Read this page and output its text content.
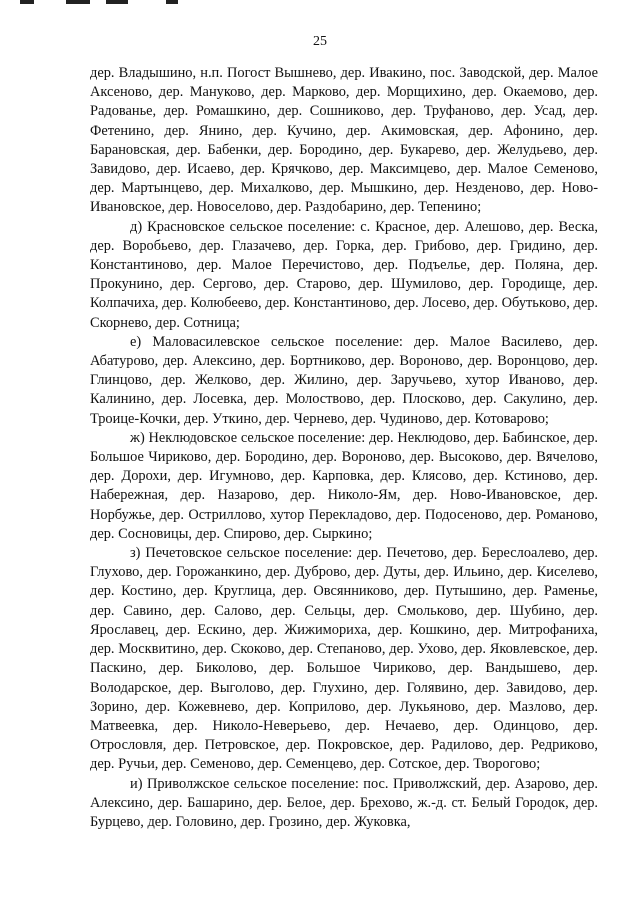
25

дер. Владышино, н.п. Погост Вышнево, дер. Ивакино, пос. Заводской, дер. Малое Аксеново, дер. Мануково, дер. Марково, дер. Морщихино, дер. Окаемово, дер. Радованье, дер. Ромашкино, дер. Сошниково, дер. Труфаново, дер. Усад, дер. Фетенино, дер. Янино, дер. Кучино, дер. Акимовская, дер. Афонино, дер. Барановская, дер. Бабенки, дер. Бородино, дер. Букарево, дер. Желудьево, дер. Завидово, дер. Исаево, дер. Крячково, дер. Максимцево, дер. Малое Семеново, дер. Мартынцево, дер. Михалково, дер. Мышкино, дер. Незденово, дер. Ново-Ивановское, дер. Новоселово, дер. Раздобарино, дер. Тепенино;

д) Красновское сельское поселение: с. Красное, дер. Алешово, дер. Веска, дер. Воробьево, дер. Глазачево, дер. Горка, дер. Грибово, дер. Гридино, дер. Константиново, дер. Малое Перечистово, дер. Подъелье, дер. Поляна, дер. Прокунино, дер. Сергово, дер. Старово, дер. Шумилово, дер. Городище, дер. Колпачиха, дер. Колюбеево, дер. Константиново, дер. Лосево, дер. Обутьково, дер. Скорнево, дер. Сотница;

е) Маловасилевское сельское поселение: дер. Малое Василево, дер. Абатурово, дер. Алексино, дер. Бортниково, дер. Вороново, дер. Воронцово, дер. Глинцово, дер. Желково, дер. Жилино, дер. Заручьево, хутор Иваново, дер. Калинино, дер. Лосевка, дер. Молоствово, дер. Плосково, дер. Сакулино, дер. Троице-Кочки, дер. Уткино, дер. Чернево, дер. Чудиново, дер. Котоварово;

ж) Неклюдовское сельское поселение: дер. Неклюдово, дер. Бабинское, дер. Большое Чириково, дер. Бородино, дер. Вороново, дер. Высоково, дер. Вячелово, дер. Дорохи, дер. Игумново, дер. Карповка, дер. Клясово, дер. Кстиново, дер. Набережная, дер. Назарово, дер. Николо-Ям, дер. Ново-Ивановское, дер. Норбужье, дер. Остриллово, хутор Перекладово, дер. Подосеново, дер. Романово, дер. Сосновицы, дер. Спирово, дер. Сыркино;

з) Печетовское сельское поселение: дер. Печетово, дер. Береслоалево, дер. Глухово, дер. Горожанкино, дер. Дуброво, дер. Дуты, дер. Ильино, дер. Киселево, дер. Костино, дер. Круглица, дер. Овсянниково, дер. Путышино, дер. Раменье, дер. Савино, дер. Салово, дер. Сельцы, дер. Смольково, дер. Шубино, дер. Ярославец, дер. Ескино, дер. Жижимориха, дер. Кошкино, дер. Митрофаниха, дер. Москвитино, дер. Скоково, дер. Степаново, дер. Ухово, дер. Яковлевское, дер. Паскино, дер. Биколово, дер. Большое Чириково, дер. Вандышево, дер. Володарское, дер. Выголово, дер. Глухино, дер. Голявино, дер. Завидово, дер. Зорино, дер. Кожевнево, дер. Коприлово, дер. Лукьяново, дер. Мазлово, дер. Матвеевка, дер. Николо-Неверьево, дер. Нечаево, дер. Одинцово, дер. Отрословля, дер. Петровское, дер. Покровское, дер. Радилово, дер. Редриково, дер. Ручьи, дер. Семеново, дер. Семенцево, дер. Сотское, дер. Творогово;

и) Приволжское сельское поселение: пос. Приволжский, дер. Азарово, дер. Алексино, дер. Башарино, дер. Белое, дер. Брехово, ж.-д. ст. Белый Городок, дер. Бурцево, дер. Головино, дер. Грозино, дер. Жуковка,
